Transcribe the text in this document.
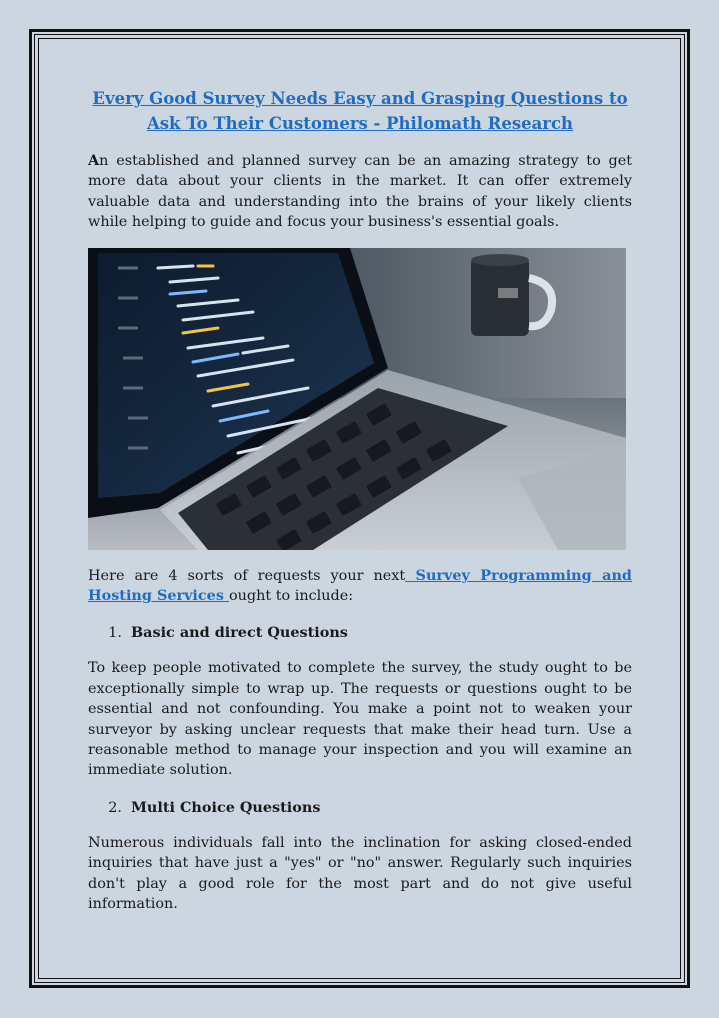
Every Good Survey Needs Easy and Grasping Questions to Ask To Their Customers - Philomath Research

An established and planned survey can be an amazing strategy to get more data about your clients in the market. It can offer extremely valuable data and understanding into the brains of your likely clients while helping to guide and focus your business's essential goals.

Here are 4 sorts of requests your next Survey Programming and Hosting Services ought to include:

1. Basic and direct Questions

To keep people motivated to complete the survey, the study ought to be exceptionally simple to wrap up. The requests or questions ought to be essential and not confounding. You make a point not to weaken your surveyor by asking unclear requests that make their head turn. Use a reasonable method to manage your inspection and you will examine an immediate solution.

2. Multi Choice Questions

Numerous individuals fall into the inclination for asking closed-ended inquiries that have just a "yes" or "no" answer. Regularly such inquiries don't play a good role for the most part and do not give useful information.
